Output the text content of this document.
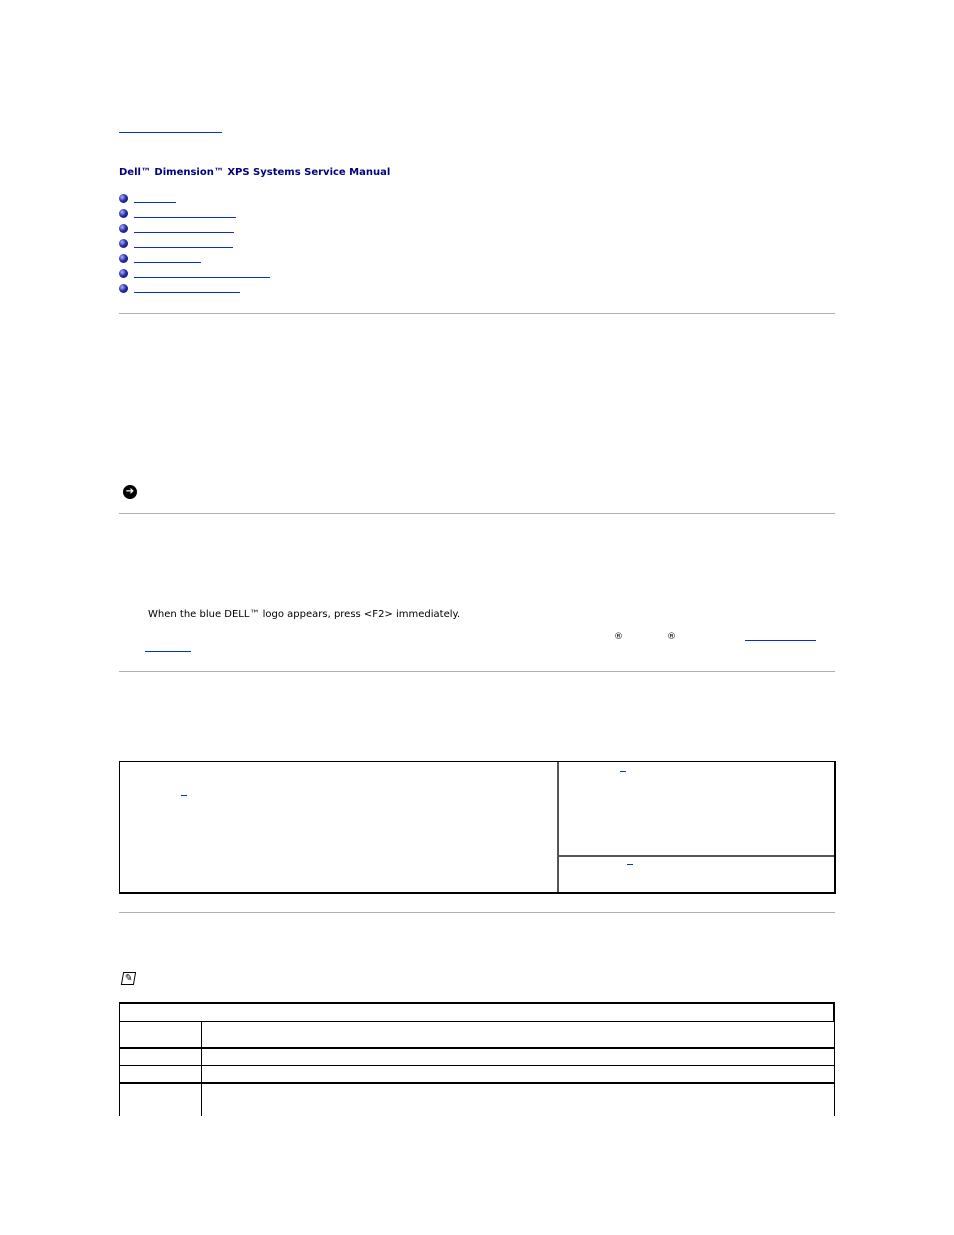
Dell™ Dimension™ XPS Systems Service Manual
➔
When the blue DELL™ logo appears, press <F2> immediately.
®	®
✎
